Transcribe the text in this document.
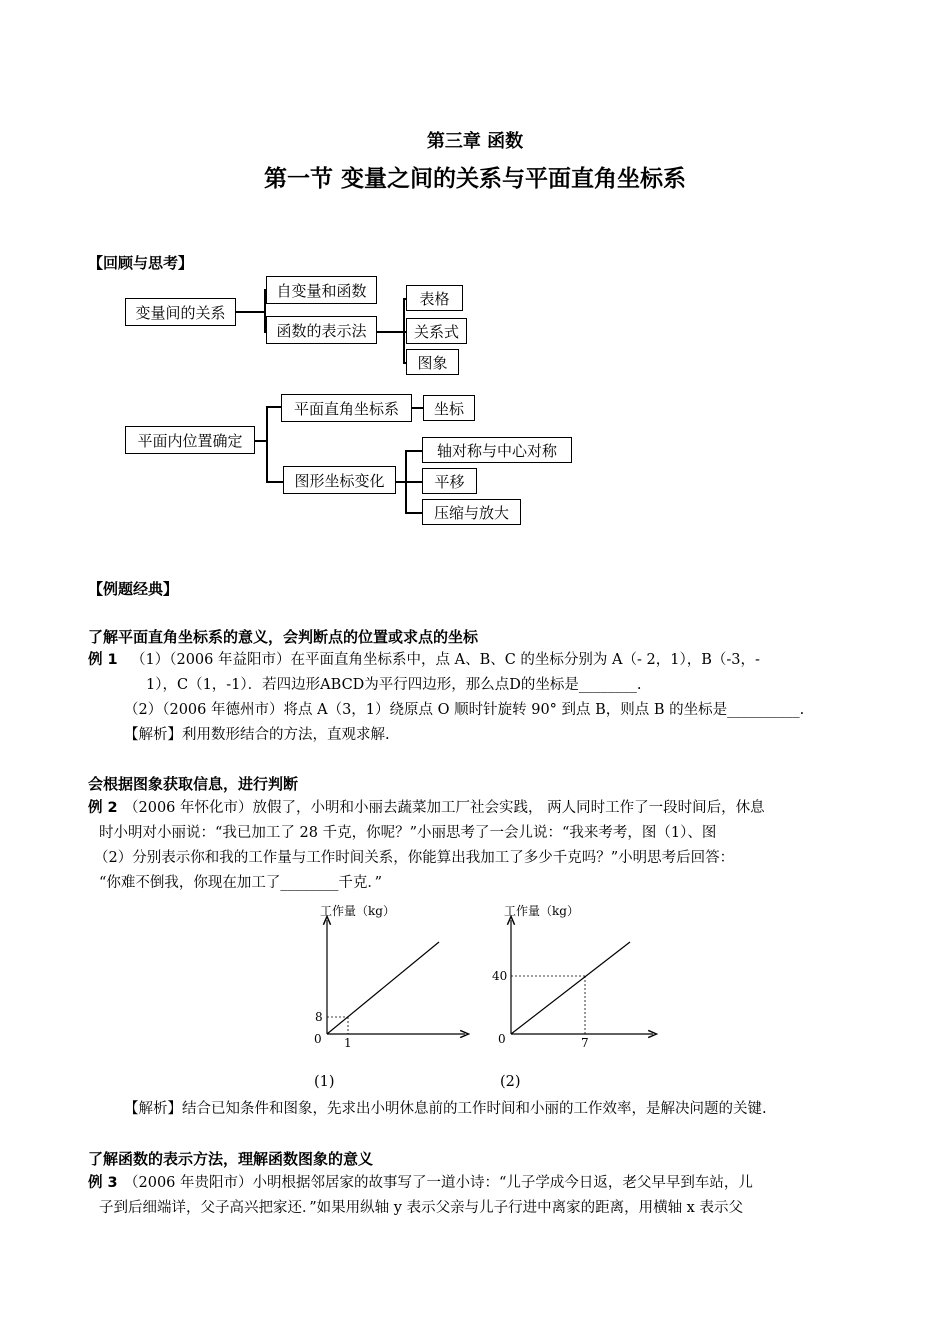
第三章 函数
第一节 变量之间的关系与平面直角坐标系
【回顾与思考】
变量间的关系
自变量和函数
函数的表示法
表格
关系式
图象
平面内位置确定
平面直角坐标系 坐标
图形坐标变化
轴对称与中心对称
平移
压缩与放大
【例题经典】
了解平面直角坐标系的意义，会判断点的位置或求点的坐标
例 1 （1）（2006 年益阳市）在平面直角坐标系中，点 A、B、C 的坐标分别为 A（- 2，1），B（-3，-
1），C（1，-1）．若四边形ABCD为平行四边形，那么点D的坐标是________.
（2）（2006 年德州市）将点 A（3，1）绕原点 O 顺时针旋转 90° 到点 B，则点 B 的坐标是__________.
【解析】利用数形结合的方法，直观求解.
会根据图象获取信息，进行判断
例 2 （2006 年怀化市）放假了，小明和小丽去蔬菜加工厂社会实践， 两人同时工作了一段时间后，休息
时小明对小丽说：“我已加工了 28 千克，你呢？”小丽思考了一会儿说：“我来考考，图（1）、图
（2）分别表示你和我的工作量与工作时间关系，你能算出我加工了多少千克吗？”小明思考后回答：
“你难不倒我，你现在加工了________千克．”
工作量（kg）
0 1
8
(1)
工作量（kg）
0	7
40
(2)
【解析】结合已知条件和图象，先求出小明休息前的工作时间和小丽的工作效率，是解决问题的关键.
了解函数的表示方法，理解函数图象的意义
例 3 （2006 年贵阳市）小明根据邻居家的故事写了一道小诗：“儿子学成今日返，老父早早到车站，儿
子到后细端详，父子高兴把家还．”如果用纵轴 y 表示父亲与儿子行进中离家的距离，用横轴 x 表示父
